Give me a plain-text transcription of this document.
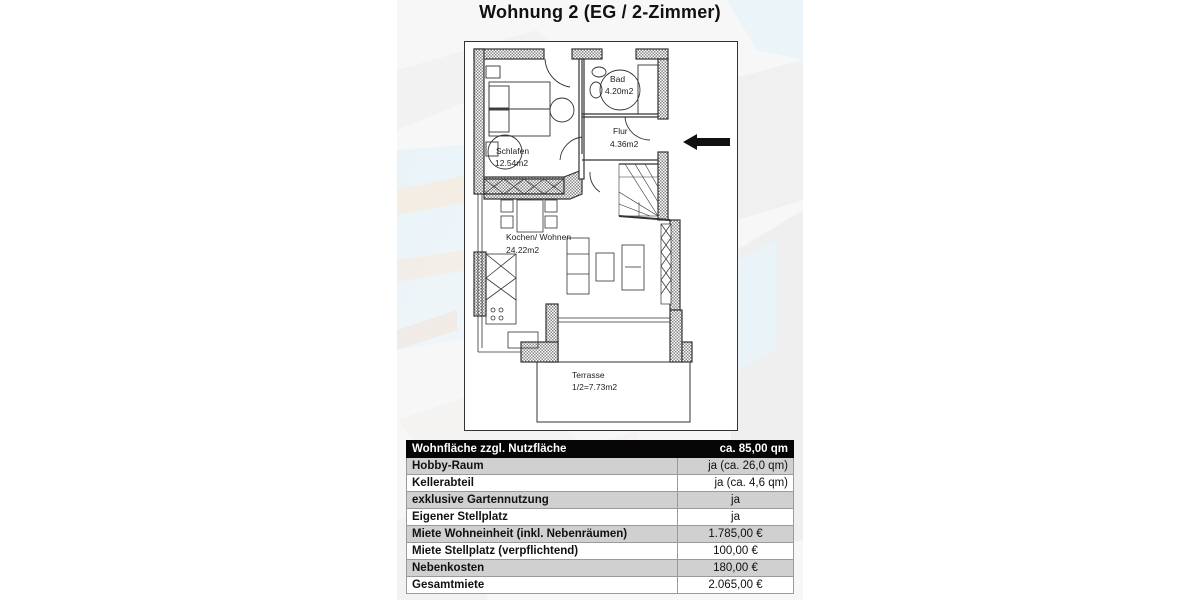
Wohnung 2 (EG / 2-Zimmer)
Bad
4.20m2
Flur
4.36m2
Schlafen
12.54m2
Kochen/ Wohnen
24.22m2
Terrasse
1/2=7.73m2
Wohnfläche zzgl. Nutzfläche	ca. 85,00 qm
Hobby-Raum	ja (ca. 26,0 qm)
Kellerabteil	ja (ca. 4,6 qm)
exklusive Gartennutzung	ja
Eigener Stellplatz	ja
Miete Wohneinheit (inkl. Nebenräumen)	1.785,00 €
Miete Stellplatz (verpflichtend)	100,00 €
Nebenkosten	180,00 €
Gesamtmiete	2.065,00 €
